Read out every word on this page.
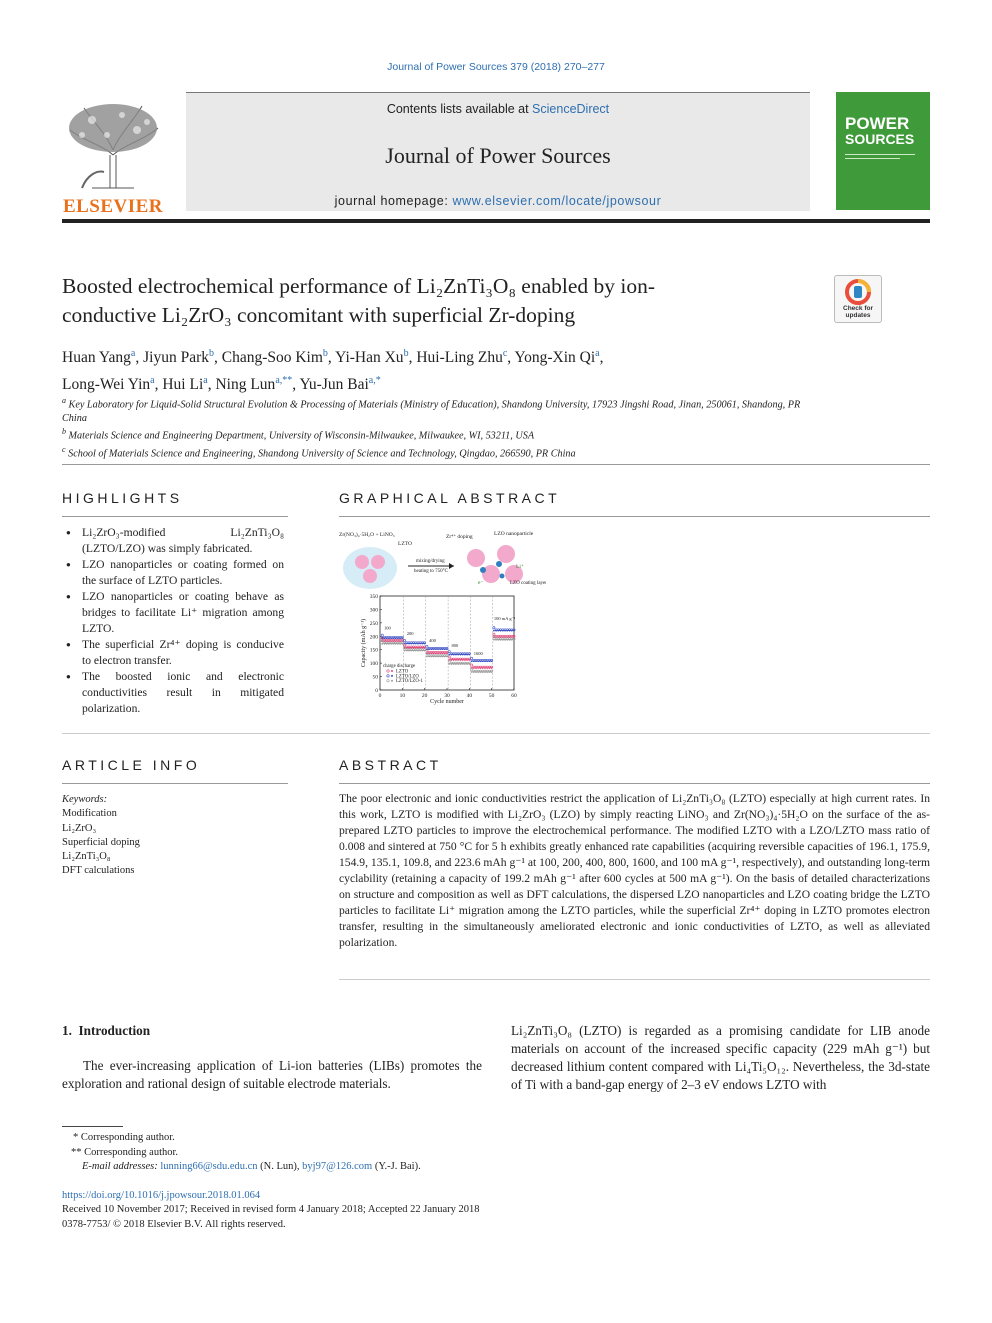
Journal of Power Sources 379 (2018) 270–277
ELSEVIER
Contents lists available at ScienceDirect
Journal of Power Sources
journal homepage: www.elsevier.com/locate/jpowsour
POWER
SOURCES
Boosted electrochemical performance of Li₂ZnTi₃O₈ enabled by ion-
conductive Li₂ZrO₃ concomitant with superficial Zr-doping	Check for updates
Huan Yang$^a$, Jiyun Park$^b$, Chang-Soo Kim$^b$, Yi-Han Xu$^b$, Hui-Ling Zhu$^c$, Yong-Xin Qi$^a$,
Long-Wei Yin$^a$, Hui Li$^a$, Ning Lun$^{a,**}$, Yu-Jun Bai$^{a,*}$
$^a$ Key Laboratory for Liquid-Solid Structural Evolution & Processing of Materials (Ministry of Education), Shandong University, 17923 Jingshi Road, Jinan, 250061, Shandong, PR China
$^b$ Materials Science and Engineering Department, University of Wisconsin-Milwaukee, Milwaukee, WI, 53211, USA
$^c$ School of Materials Science and Engineering, Shandong University of Science and Technology, Qingdao, 266590, PR China
HIGHLIGHTS
● Li₂ZrO₃-modified Li₂ZnTi₃O₈ (LZTO/LZO) was simply fabricated.
● LZO nanoparticles or coating formed on the surface of LZTO particles.
● LZO nanoparticles or coating behave as bridges to facilitate Li⁺ migration among LZTO.
● The superficial Zr⁴⁺ doping is conducive to electron transfer.
● The boosted ionic and electronic conductivities result in mitigated polarization.
GRAPHICAL ABSTRACT
Zr(NO₃)₄·5H₂O + LiNO₃
LZTO
mixing/drying
heating to 750°C
Zr⁴⁺ doping	LZO nanoparticle
Li⁺
e⁻	LZO coating layer
0
50
100
150
200
250
300
350
0	10	20	30	40	50	60
Cycle number
Capacity (mAh g⁻¹)	100
200
400
800
1600
100 mA g⁻¹
charge discharge
LZTO
LZTO/LZO
LZTO/LZO-1
ARTICLE INFO
Keywords:
Modification
Li₂ZrO₃
Superficial doping
Li₂ZnTi₃O₈
DFT calculations
ABSTRACT
The poor electronic and ionic conductivities restrict the application of Li₂ZnTi₃O₈ (LZTO) especially at high current rates. In this work, LZTO is modified with Li₂ZrO₃ (LZO) by simply reacting LiNO₃ and Zr(NO₃)₄·5H₂O on the surface of the as-prepared LZTO particles to improve the electrochemical performance. The modified LZTO with a LZO/LZTO mass ratio of 0.008 and sintered at 750 °C for 5 h exhibits greatly enhanced rate capabilities (acquiring reversible capacities of 196.1, 175.9, 154.9, 135.1, 109.8, and 223.6 mAh g⁻¹ at 100, 200, 400, 800, 1600, and 100 mA g⁻¹, respectively), and outstanding long-term cyclability (retaining a capacity of 199.2 mAh g⁻¹ after 600 cycles at 500 mA g⁻¹). On the basis of detailed characterizations on structure and composition as well as DFT calculations, the dispersed LZO nanoparticles and LZO coating bridge the LZTO particles to facilitate Li⁺ migration among the LZTO particles, while the superficial Zr⁴⁺ doping in LZTO promotes electron transfer, resulting in the simultaneously ameliorated electronic and ionic conductivities of LZTO, as well as alleviated polarization.
1.  Introduction
The ever-increasing application of Li-ion batteries (LIBs) promotes the exploration and rational design of suitable electrode materials.
Li₂ZnTi₃O₈ (LZTO) is regarded as a promising candidate for LIB anode materials on account of the increased specific capacity (229 mAh g⁻¹) but decreased lithium content compared with Li₄Ti₅O₁₂. Nevertheless, the 3d-state of Ti with a band-gap energy of 2–3 eV endows LZTO with
* Corresponding author.
** Corresponding author.
E-mail addresses: lunning66@sdu.edu.cn (N. Lun), byj97@126.com (Y.-J. Bai).
https://doi.org/10.1016/j.jpowsour.2018.01.064
Received 10 November 2017; Received in revised form 4 January 2018; Accepted 22 January 2018
0378-7753/ © 2018 Elsevier B.V. All rights reserved.
